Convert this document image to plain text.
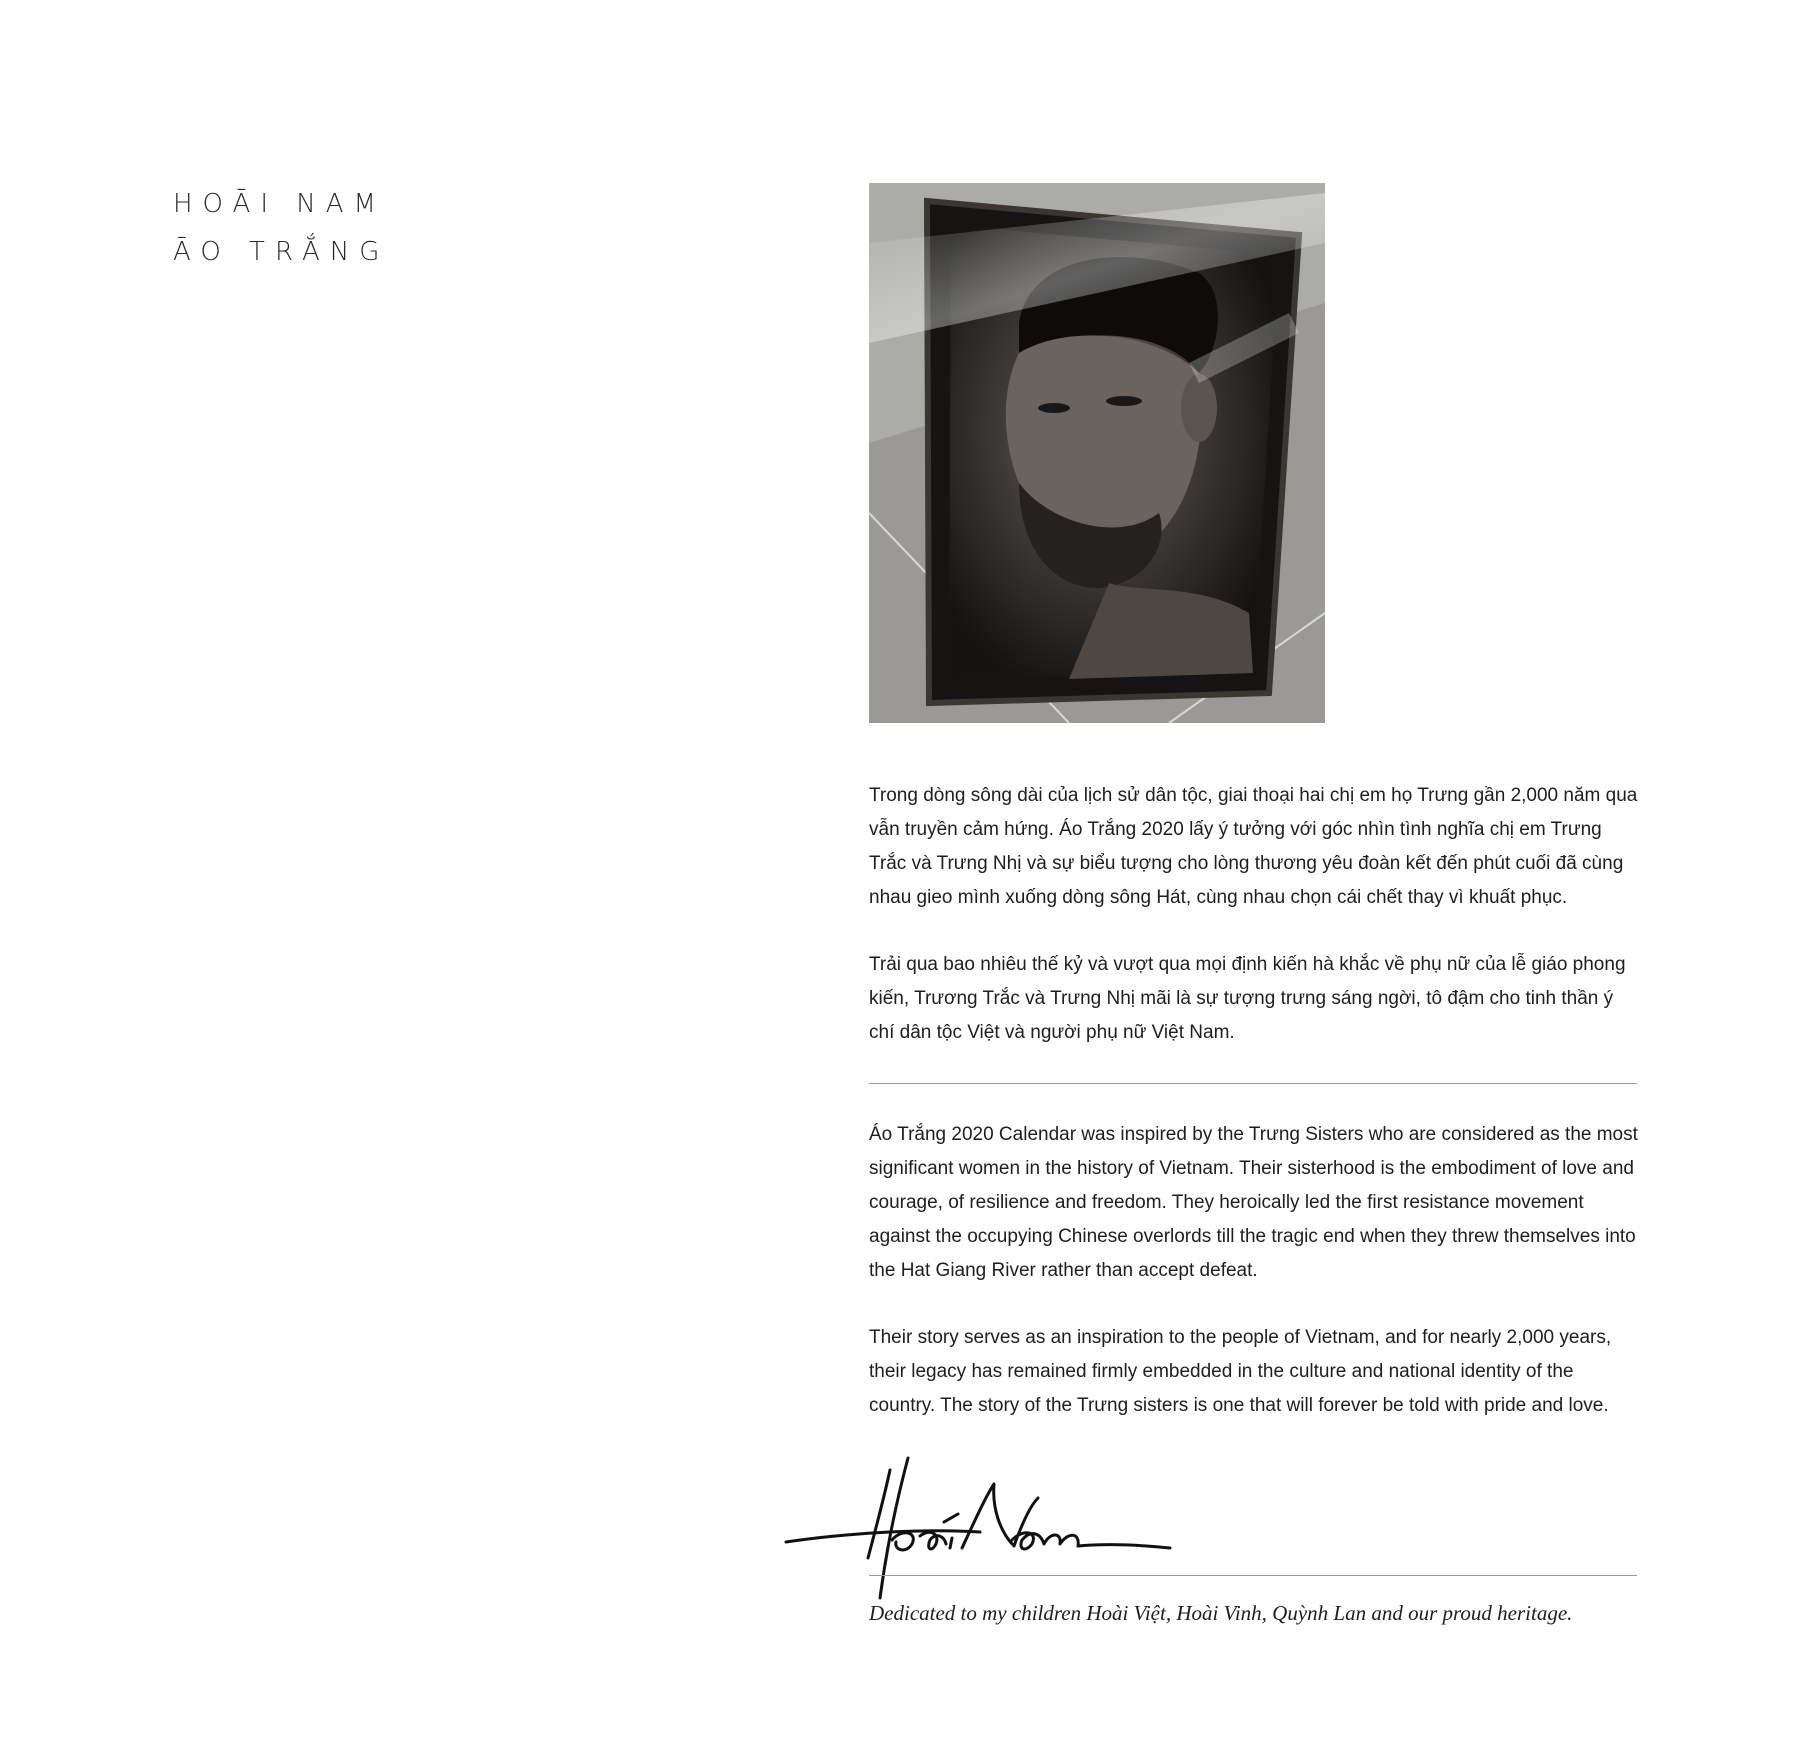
HOĀI NAM
ĀO TRẮNG

Trong dòng sông dài của lịch sử dân tộc, giai thoại hai chị em họ Trưng gần 2,000 năm qua vẫn truyền cảm hứng. Áo Trắng 2020 lấy ý tưởng với góc nhìn tình nghĩa chị em Trưng Trắc và Trưng Nhị và sự biểu tượng cho lòng thương yêu đoàn kết đến phút cuối đã cùng nhau gieo mình xuống dòng sông Hát, cùng nhau chọn cái chết thay vì khuất phục.

Trải qua bao nhiêu thế kỷ và vượt qua mọi định kiến hà khắc về phụ nữ của lễ giáo phong kiến, Trương Trắc và Trưng Nhị mãi là sự tượng trưng sáng ngời, tô đậm cho tinh thần ý chí dân tộc Việt và người phụ nữ Việt Nam.

Áo Trắng 2020 Calendar was inspired by the Trưng Sisters who are considered as the most significant women in the history of Vietnam. Their sisterhood is the embodiment of love and courage, of resilience and freedom. They heroically led the first resistance movement against the occupying Chinese overlords till the tragic end when they threw themselves into the Hat Giang River rather than accept defeat.

Their story serves as an inspiration to the people of Vietnam, and for nearly 2,000 years, their legacy has remained firmly embedded in the culture and national identity of the country. The story of the Trưng sisters is one that will forever be told with pride and love.

Dedicated to my children Hoài Việt, Hoài Vinh, Quỳnh Lan and our proud heritage.
